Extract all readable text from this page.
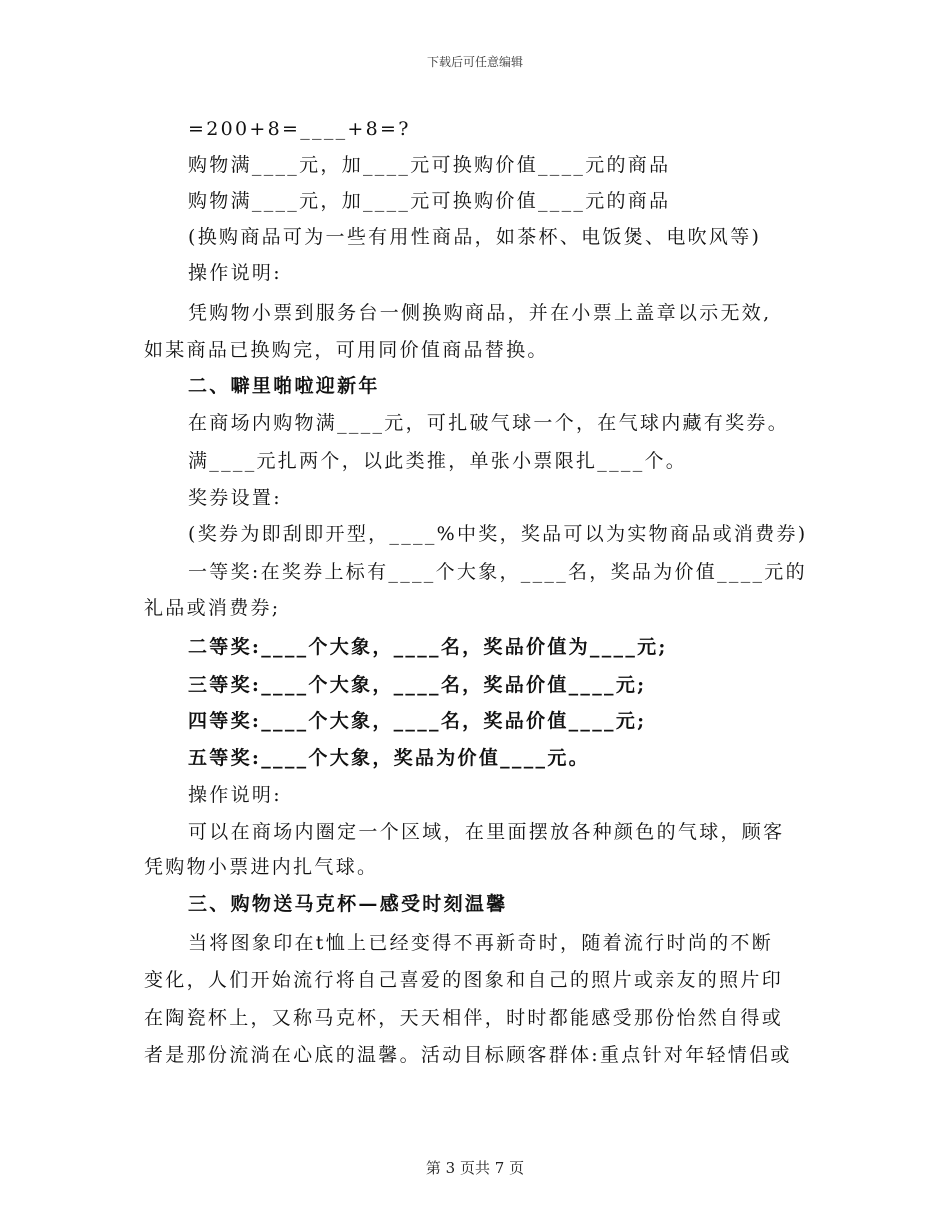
下载后可任意编辑
=200+8=____+8=?
购物满____元，加____元可换购价值____元的商品
购物满____元，加____元可换购价值____元的商品
(换购商品可为一些有用性商品，如茶杯、电饭煲、电吹风等)
操作说明:
凭购物小票到服务台一侧换购商品，并在小票上盖章以示无效,
如某商品已换购完，可用同价值商品替换。
二、噼里啪啦迎新年
在商场内购物满____元，可扎破气球一个，在气球内藏有奖券。
满____元扎两个，以此类推，单张小票限扎____个。
奖券设置:
(奖券为即刮即开型，____%中奖，奖品可以为实物商品或消费券)
一等奖:在奖券上标有____个大象，____名，奖品为价值____元的
礼品或消费券;
二等奖:____个大象，____名，奖品价值为____元;
三等奖:____个大象，____名，奖品价值____元;
四等奖:____个大象，____名，奖品价值____元;
五等奖:____个大象，奖品为价值____元。
操作说明:
可以在商场内圈定一个区域，在里面摆放各种颜色的气球，顾客
凭购物小票进内扎气球。
三、购物送马克杯—感受时刻温馨
当将图象印在t恤上已经变得不再新奇时，随着流行时尚的不断
变化，人们开始流行将自己喜爱的图象和自己的照片或亲友的照片印
在陶瓷杯上，又称马克杯，天天相伴，时时都能感受那份怡然自得或
者是那份流淌在心底的温馨。活动目标顾客群体:重点针对年轻情侣或
第 3 页共 7 页
